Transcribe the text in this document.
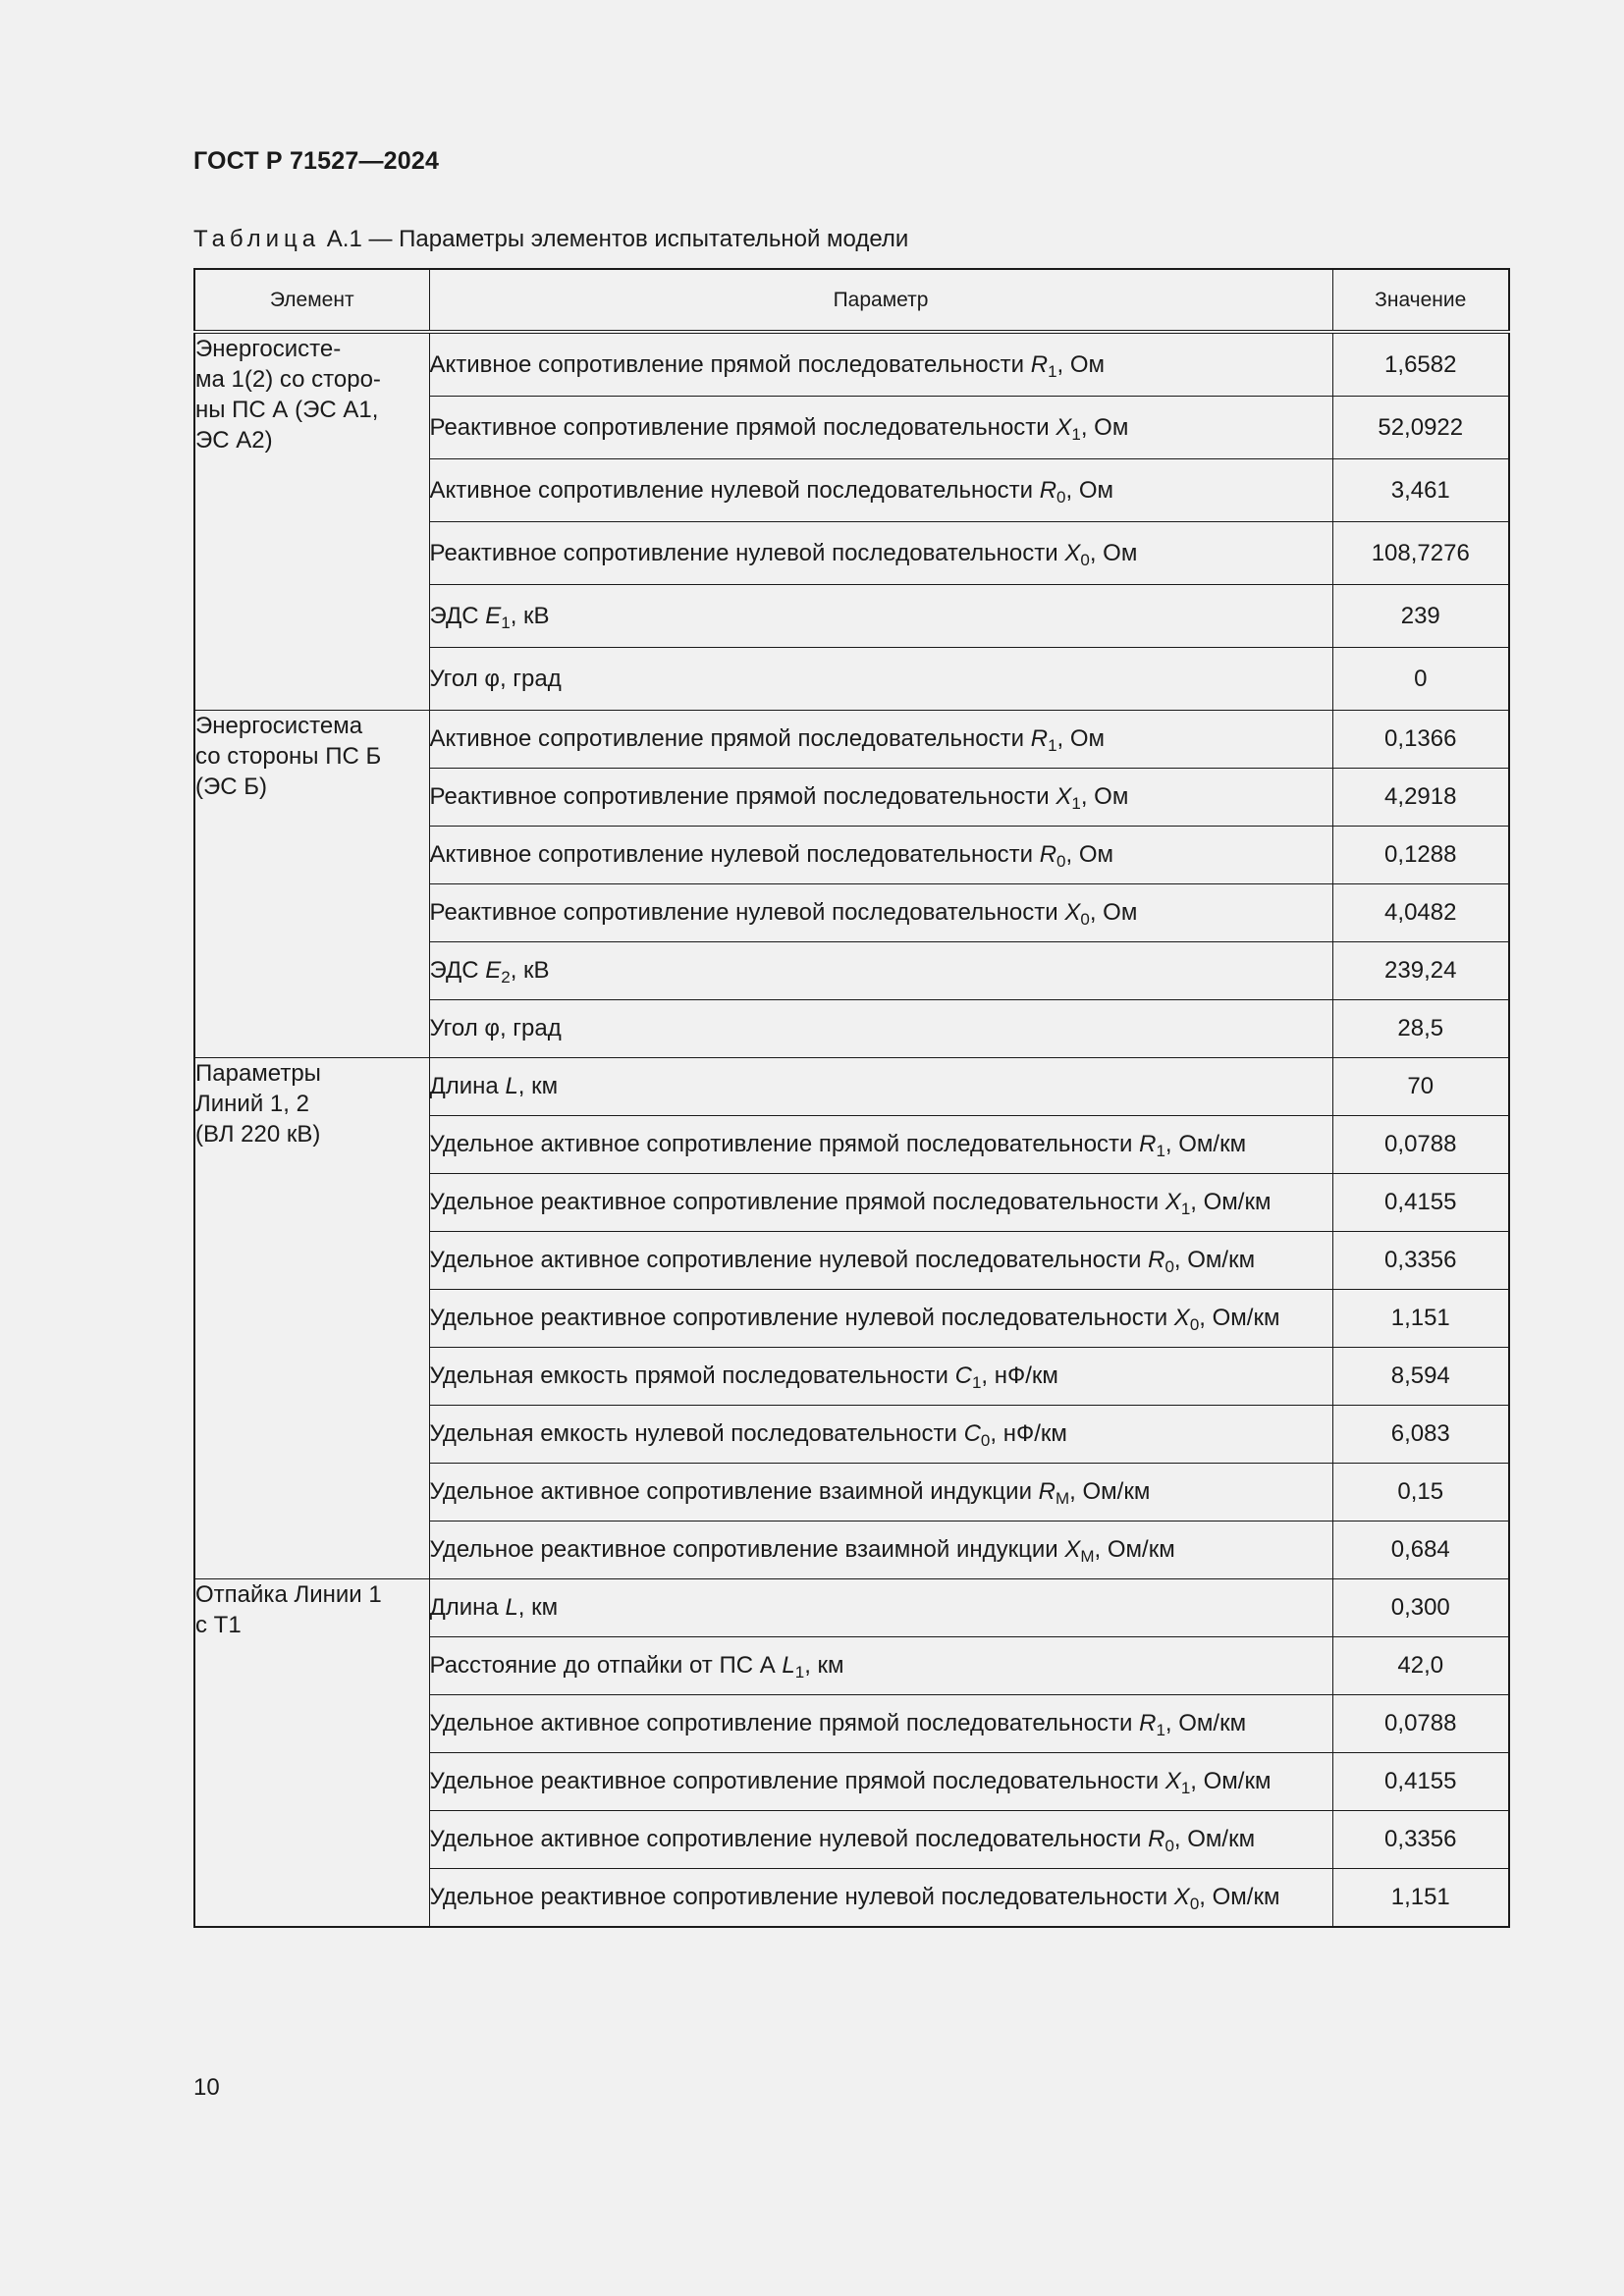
ГОСТ Р 71527—2024
Таблица А.1 — Параметры элементов испытательной модели
Элемент	Параметр	Значение

Энергосисте-
ма 1(2) со сторо-
ны ПС А (ЭС А1,
ЭС А2)	Активное сопротивление прямой последовательности $R_1$, Ом	1,6582
	Реактивное сопротивление прямой последовательности $X_1$, Ом	52,0922
	Активное сопротивление нулевой последовательности $R_0$, Ом	3,461
	Реактивное сопротивление нулевой последовательности $X_0$, Ом	108,7276
	ЭДС $E_1$, кВ	239
	Угол φ, град	0

Энергосистема
со стороны ПС Б
(ЭС Б)	Активное сопротивление прямой последовательности $R_1$, Ом	0,1366
	Реактивное сопротивление прямой последовательности $X_1$, Ом	4,2918
	Активное сопротивление нулевой последовательности $R_0$, Ом	0,1288
	Реактивное сопротивление нулевой последовательности $X_0$, Ом	4,0482
	ЭДС $E_2$, кВ	239,24
	Угол φ, град	28,5

Параметры
Линий 1, 2
(ВЛ 220 кВ)	Длина L, км	70
	Удельное активное сопротивление прямой последовательности $R_1$, Ом/км	0,0788
	Удельное реактивное сопротивление прямой последовательности $X_1$, Ом/км	0,4155
	Удельное активное сопротивление нулевой последовательности $R_0$, Ом/км	0,3356
	Удельное реактивное сопротивление нулевой последовательности $X_0$, Ом/км	1,151
	Удельная емкость прямой последовательности $C_1$, нФ/км	8,594
	Удельная емкость нулевой последовательности $C_0$, нФ/км	6,083
	Удельное активное сопротивление взаимной индукции $R_М$, Ом/км	0,15
	Удельное реактивное сопротивление взаимной индукции $X_М$, Ом/км	0,684

Отпайка Линии 1
с Т1	Длина L, км	0,300
	Расстояние до отпайки от ПС А $L_1$, км	42,0
	Удельное активное сопротивление прямой последовательности $R_1$, Ом/км	0,0788
	Удельное реактивное сопротивление прямой последовательности $X_1$, Ом/км	0,4155
	Удельное активное сопротивление нулевой последовательности $R_0$, Ом/км	0,3356
	Удельное реактивное сопротивление нулевой последовательности $X_0$, Ом/км	1,151
10
